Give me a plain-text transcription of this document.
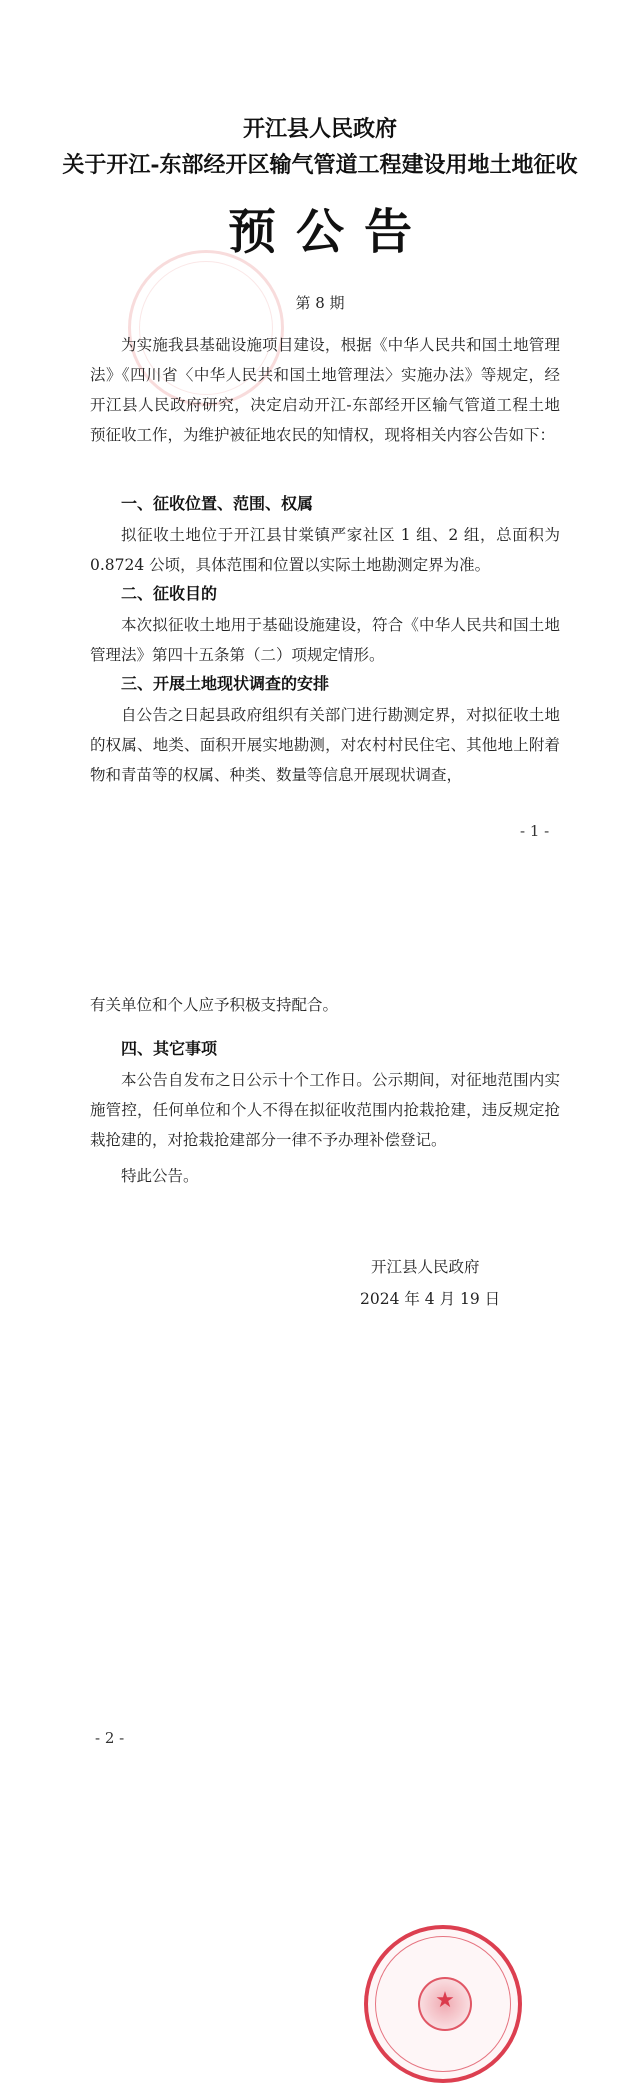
开江县人民政府
关于开江-东部经开区输气管道工程建设用地土地征收
预公告
第 8 期
为实施我县基础设施项目建设，根据《中华人民共和国土地管理法》《四川省〈中华人民共和国土地管理法〉实施办法》等规定，经开江县人民政府研究，决定启动开江-东部经开区输气管道工程土地预征收工作，为维护被征地农民的知情权，现将相关内容公告如下：
一、征收位置、范围、权属
拟征收土地位于开江县甘棠镇严家社区 1 组、2 组，总面积为 0.8724 公顷，具体范围和位置以实际土地勘测定界为准。
二、征收目的
本次拟征收土地用于基础设施建设，符合《中华人民共和国土地管理法》第四十五条第（二）项规定情形。
三、开展土地现状调查的安排
自公告之日起县政府组织有关部门进行勘测定界，对拟征收土地的权属、地类、面积开展实地勘测，对农村村民住宅、其他地上附着物和青苗等的权属、种类、数量等信息开展现状调查，
- 1 -
有关单位和个人应予积极支持配合。
四、其它事项
本公告自发布之日公示十个工作日。公示期间，对征地范围内实施管控，任何单位和个人不得在拟征收范围内抢栽抢建，违反规定抢栽抢建的，对抢栽抢建部分一律不予办理补偿登记。
特此公告。
★
开江县人民政府
2024 年 4 月 19 日
- 2 -
